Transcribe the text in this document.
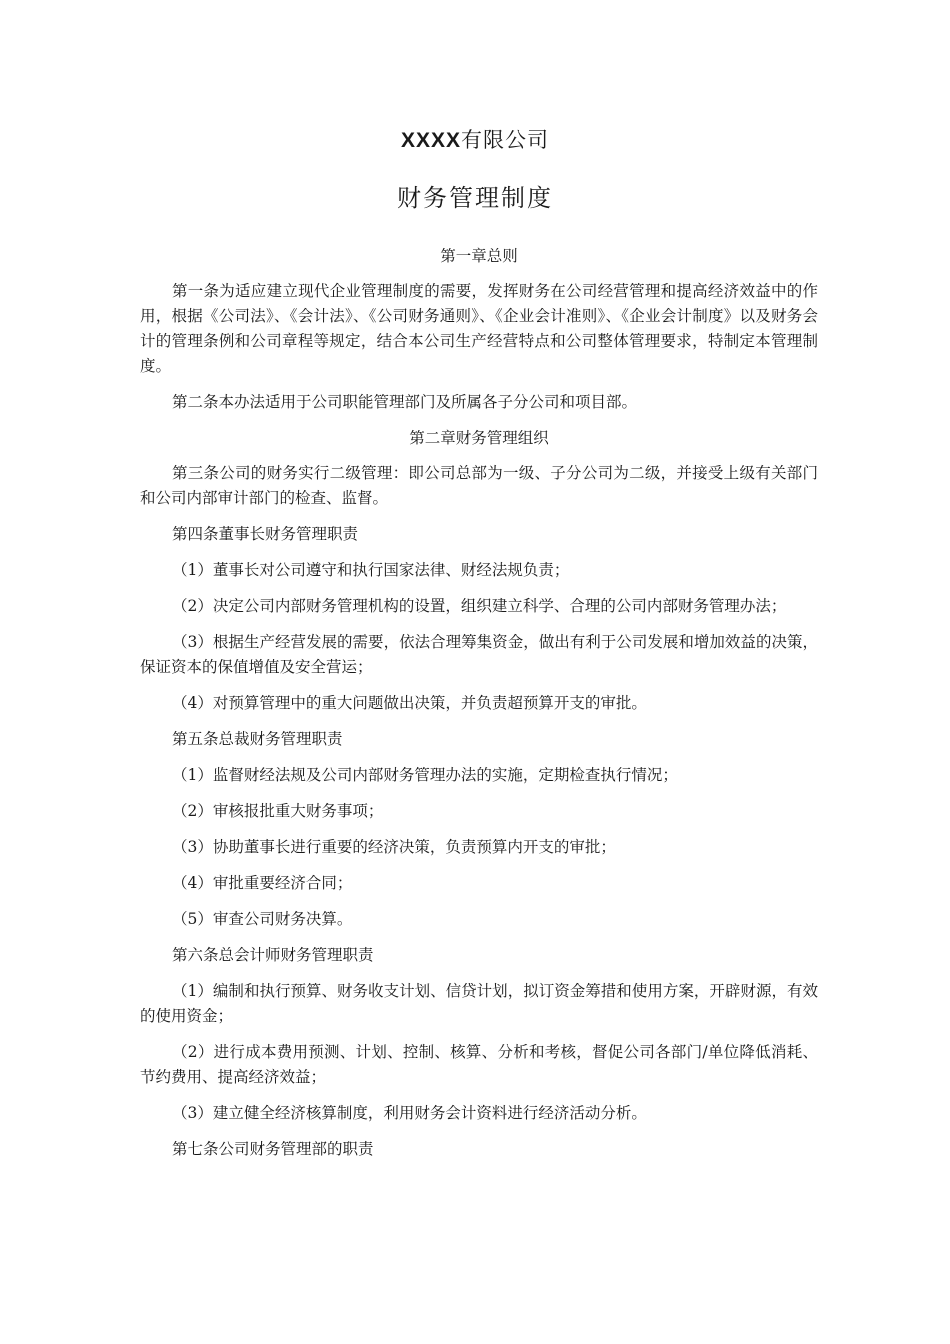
XXXX有限公司
财务管理制度
第一章总则
第一条为适应建立现代企业管理制度的需要，发挥财务在公司经营管理和提高经济效益中的作用，根据《公司法》、《会计法》、《公司财务通则》、《企业会计准则》、《企业会计制度》以及财务会计的管理条例和公司章程等规定，结合本公司生产经营特点和公司整体管理要求，特制定本管理制度。
第二条本办法适用于公司职能管理部门及所属各子分公司和项目部。
第二章财务管理组织
第三条公司的财务实行二级管理：即公司总部为一级、子分公司为二级，并接受上级有关部门和公司内部审计部门的检查、监督。
第四条董事长财务管理职责
（1）董事长对公司遵守和执行国家法律、财经法规负责；
（2）决定公司内部财务管理机构的设置，组织建立科学、合理的公司内部财务管理办法；
（3）根据生产经营发展的需要，依法合理筹集资金，做出有利于公司发展和增加效益的决策，保证资本的保值增值及安全营运；
（4）对预算管理中的重大问题做出决策，并负责超预算开支的审批。
第五条总裁财务管理职责
（1）监督财经法规及公司内部财务管理办法的实施，定期检查执行情况；
（2）审核报批重大财务事项；
（3）协助董事长进行重要的经济决策，负责预算内开支的审批；
（4）审批重要经济合同；
（5）审查公司财务决算。
第六条总会计师财务管理职责
（1）编制和执行预算、财务收支计划、信贷计划，拟订资金筹措和使用方案，开辟财源，有效的使用资金；
（2）进行成本费用预测、计划、控制、核算、分析和考核，督促公司各部门/单位降低消耗、节约费用、提高经济效益；
（3）建立健全经济核算制度，利用财务会计资料进行经济活动分析。
第七条公司财务管理部的职责
